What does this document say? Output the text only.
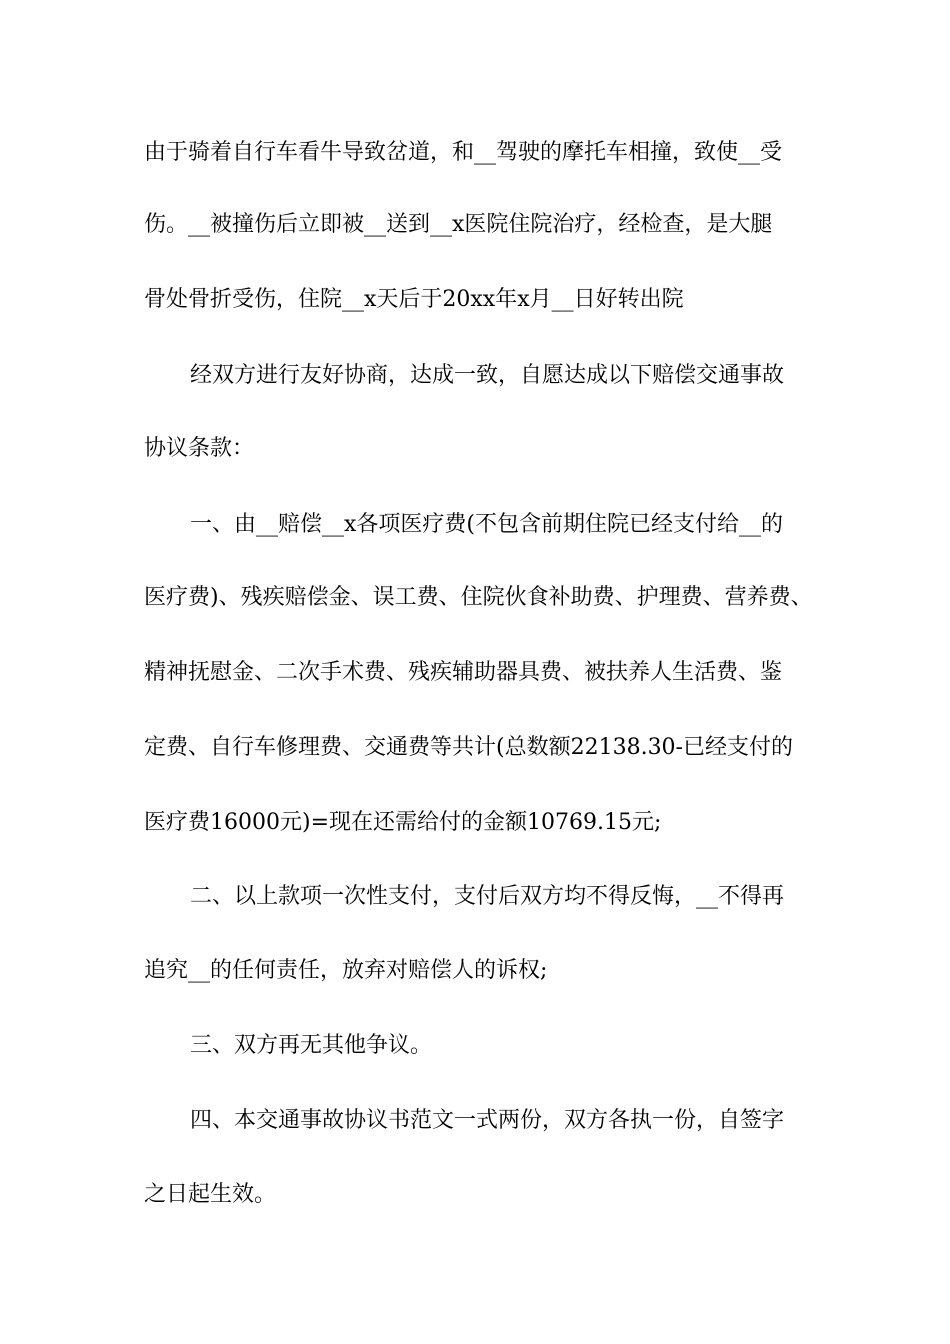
由于骑着自行车看牛导致岔道，和__驾驶的摩托车相撞，致使__受
伤。__被撞伤后立即被__送到__x医院住院治疗，经检查，是大腿
骨处骨折受伤，住院__x天后于20xx年x月__日好转出院
经双方进行友好协商，达成一致，自愿达成以下赔偿交通事故
协议条款：
一、由__赔偿__x各项医疗费(不包含前期住院已经支付给__的
医疗费)、残疾赔偿金、误工费、住院伙食补助费、护理费、营养费、
精神抚慰金、二次手术费、残疾辅助器具费、被扶养人生活费、鉴
定费、自行车修理费、交通费等共计(总数额22138.30-已经支付的
医疗费16000元)=现在还需给付的金额10769.15元;
二、以上款项一次性支付，支付后双方均不得反悔，__不得再
追究__的任何责任，放弃对赔偿人的诉权;
三、双方再无其他争议。
四、本交通事故协议书范文一式两份，双方各执一份，自签字
之日起生效。
